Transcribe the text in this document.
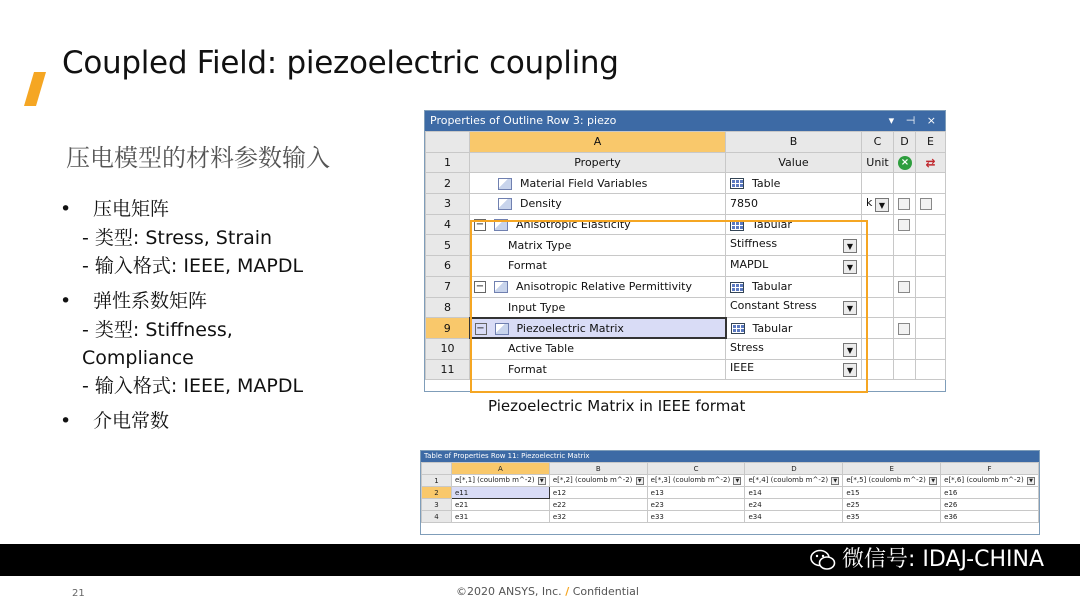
Coupled Field: piezoelectric coupling
压电模型的材料参数输入
• 压电矩阵
- 类型: Stress, Strain
- 输入格式: IEEE, MAPDL
• 弹性系数矩阵
- 类型: Stiffness,
Compliance
- 输入格式: IEEE, MAPDL
• 介电常数
Properties of Outline Row 3: piezo	▾ ⊣ ×
	A	B	C	D	E
1	Property	Value	Unit	×	⇄
2	Material Field Variables	Table			
3	Density	7850	k ▼		

4	− Anisotropic Elasticity	Tabular			
5	Matrix Type	Stiffness ▼			

6	Format	MAPDL ▼			

7	− Anisotropic Relative Permittivity	Tabular			
8	Input Type	Constant Stress ▼			

9	− Piezoelectric Matrix	Tabular			
10	Active Table	Stress ▼			

11	Format	IEEE ▼			

Piezoelectric Matrix in IEEE format
Table of Properties Row 11: Piezoelectric Matrix
	A	B	C	D	E	F
1	e[*,1] (coulomb m^-2) ▼	e[*,2] (coulomb m^-2) ▼	e[*,3] (coulomb m^-2) ▼	e[*,4] (coulomb m^-2) ▼	e[*,5] (coulomb m^-2) ▼	e[*,6] (coulomb m^-2) ▼

2	e11	e12	e13	e14	e15	e16
3	e21	e22	e23	e24	e25	e26
4	e31	e32	e33	e34	e35	e36
微信号: IDAJ-CHINA
21	©2020 ANSYS, Inc. / Confidential
